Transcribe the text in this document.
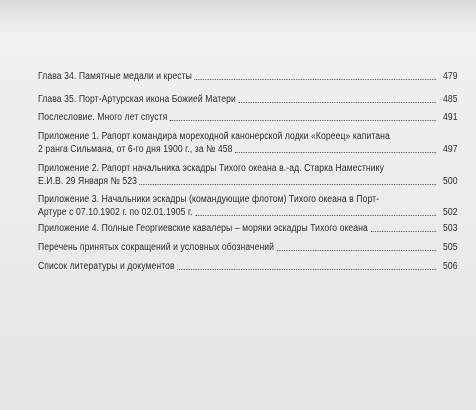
Глава 34. Памятные медали и кресты	479
Глава 35. Порт-Артурская икона Божией Матери	485
Послесловие. Много лет спустя	491
Приложение 1. Рапорт командира мореходной канонерской лодки «Кореец» капитана
2 ранга Сильмана, от 6-го дня 1900 г., за № 458	497
Приложение 2. Рапорт начальника эскадры Тихого океана в.-ад. Старка Наместнику
Е.И.В. 29 Января № 523	500
Приложение 3. Начальники эскадры (командующие флотом) Тихого океана в Порт-
Артуре с 07.10.1902 г. по 02.01.1905 г.	502
Приложение 4. Полные Георгиевские кавалеры – моряки эскадры Тихого океана	503
Перечень принятых сокращений и условных обозначений	505
Список литературы и документов	506
